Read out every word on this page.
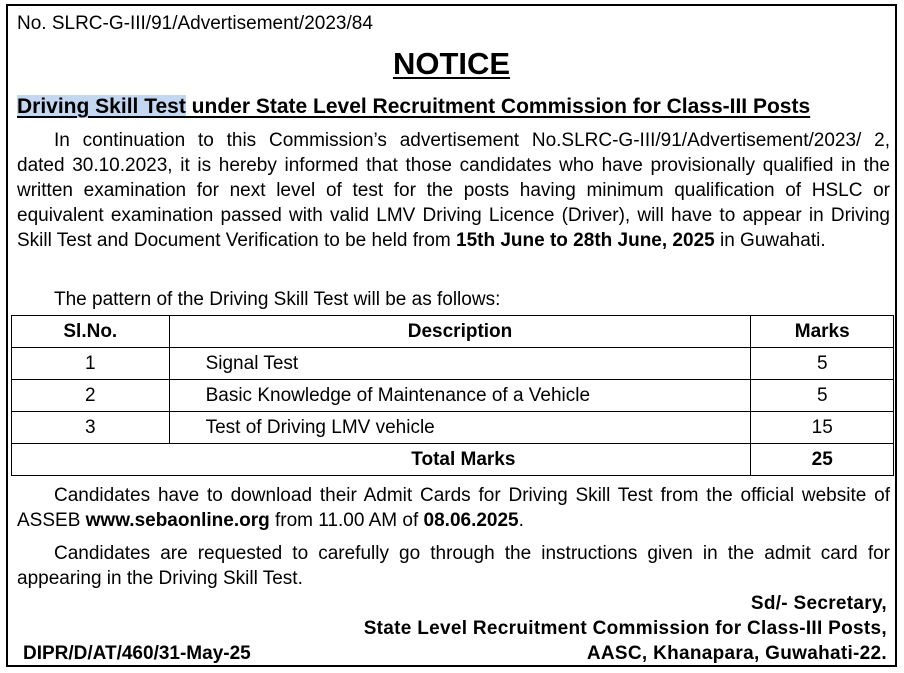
No. SLRC-G-III/91/Advertisement/2023/84
NOTICE
Driving Skill Test under State Level Recruitment Commission for Class-III Posts
In continuation to this Commission’s advertisement No.SLRC-G-III/91/Advertisement/2023/ 2, dated 30.10.2023, it is hereby informed that those candidates who have provisionally qualified in the written examination for next level of test for the posts having minimum qualification of HSLC or equivalent examination passed with valid LMV Driving Licence (Driver), will have to appear in Driving Skill Test and Document Verification to be held from 15th June to 28th June, 2025 in Guwahati.
The pattern of the Driving Skill Test will be as follows:
Sl.No.	Description	Marks
1	Signal Test	5
2	Basic Knowledge of Maintenance of a Vehicle	5
3	Test of Driving LMV vehicle	15
Total Marks		25
Candidates have to download their Admit Cards for Driving Skill Test from the official website of ASSEB www.sebaonline.org from 11.00 AM of 08.06.2025.
Candidates are requested to carefully go through the instructions given in the admit card for appearing in the Driving Skill Test.
Sd/- Secretary,
State Level Recruitment Commission for Class-III Posts,
AASC, Khanapara, Guwahati-22.
DIPR/D/AT/460/31-May-25
